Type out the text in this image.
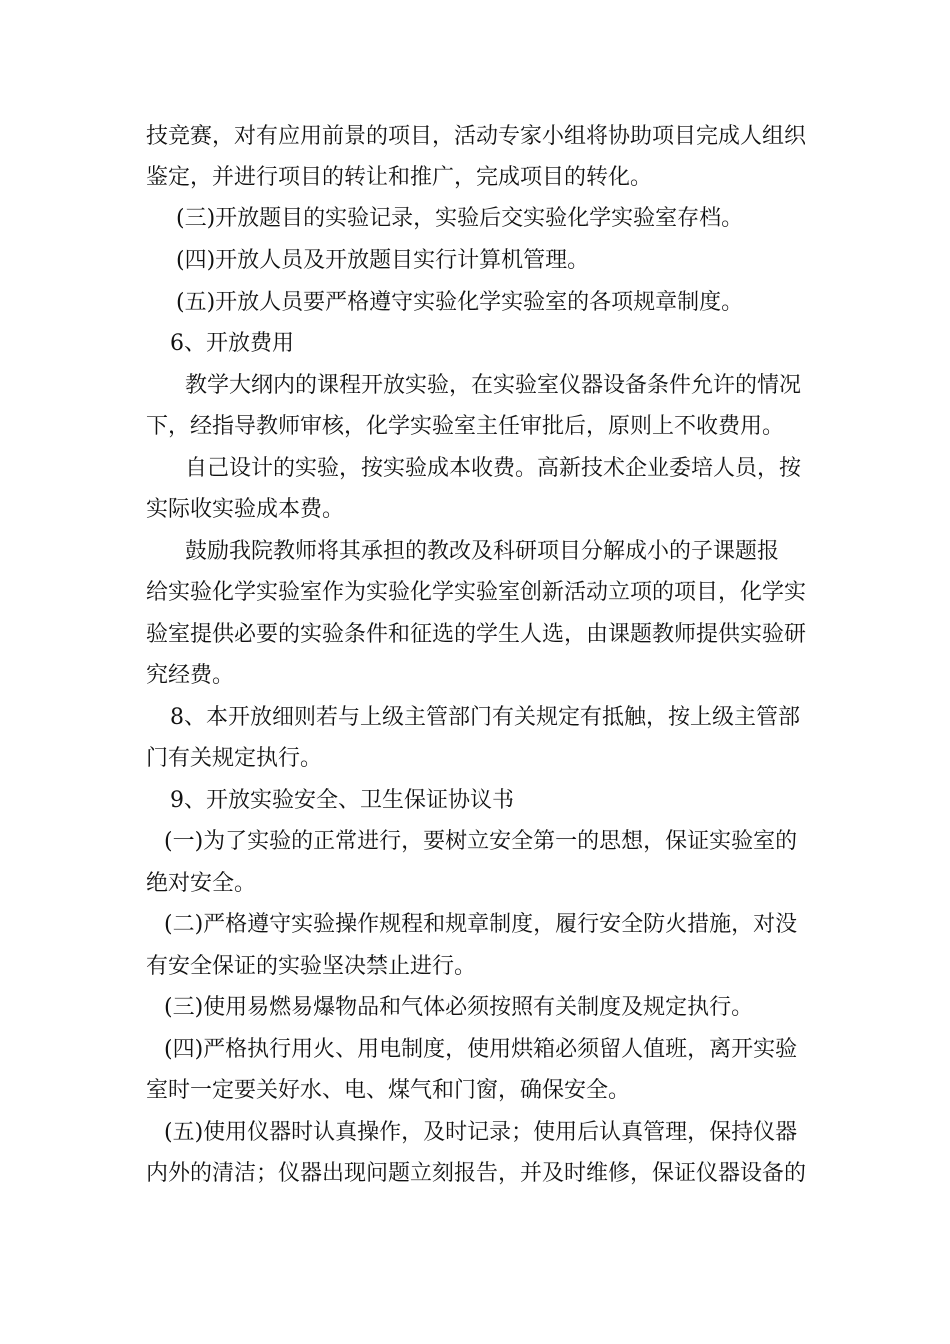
技竞赛，对有应用前景的项目，活动专家小组将协助项目完成人组织
鉴定，并进行项目的转让和推广，完成项目的转化。
(三)开放题目的实验记录，实验后交实验化学实验室存档。
(四)开放人员及开放题目实行计算机管理。
(五)开放人员要严格遵守实验化学实验室的各项规章制度。
6、开放费用
教学大纲内的课程开放实验，在实验室仪器设备条件允许的情况
下，经指导教师审核，化学实验室主任审批后，原则上不收费用。
自己设计的实验，按实验成本收费。高新技术企业委培人员，按
实际收实验成本费。
鼓励我院教师将其承担的教改及科研项目分解成小的子课题报
给实验化学实验室作为实验化学实验室创新活动立项的项目，化学实
验室提供必要的实验条件和征选的学生人选，由课题教师提供实验研
究经费。
8、本开放细则若与上级主管部门有关规定有抵触，按上级主管部
门有关规定执行。
9、开放实验安全、卫生保证协议书
(一)为了实验的正常进行，要树立安全第一的思想，保证实验室的
绝对安全。
(二)严格遵守实验操作规程和规章制度，履行安全防火措施，对没
有安全保证的实验坚决禁止进行。
(三)使用易燃易爆物品和气体必须按照有关制度及规定执行。
(四)严格执行用火、用电制度，使用烘箱必须留人值班，离开实验
室时一定要关好水、电、煤气和门窗，确保安全。
(五)使用仪器时认真操作，及时记录；使用后认真管理，保持仪器
内外的清洁；仪器出现问题立刻报告，并及时维修，保证仪器设备的
